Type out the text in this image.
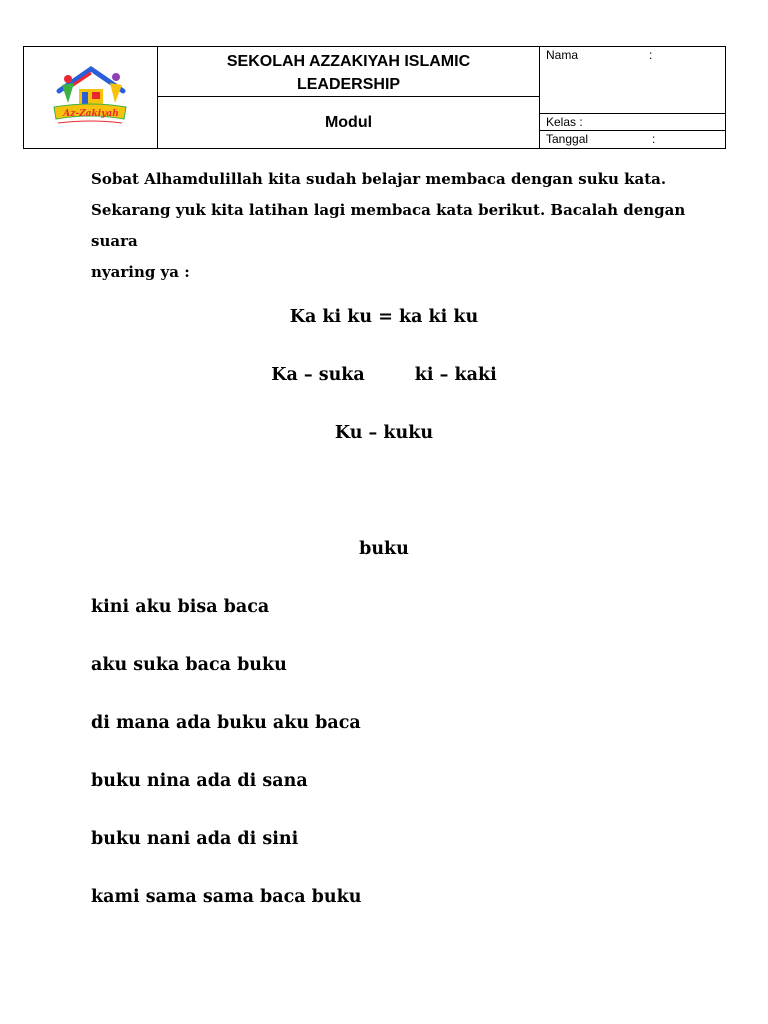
Az-Zakiyah
SEKOLAH AZZAKIYAH ISLAMIC
LEADERSHIP
Modul
Nama	:
Kelas :
Tanggal	:

Sobat Alhamdulillah kita sudah belajar membaca dengan suku kata.

Sekarang yuk kita latihan lagi membaca kata berikut. Bacalah dengan suara

nyaring ya :

Ka ki ku = ka ki ku
Ka – suka	ki – kaki
Ku – kuku
buku
kini aku bisa baca
aku suka baca buku
di mana ada buku aku baca
buku nina ada di sana
buku nani ada di sini
kami sama sama baca buku
